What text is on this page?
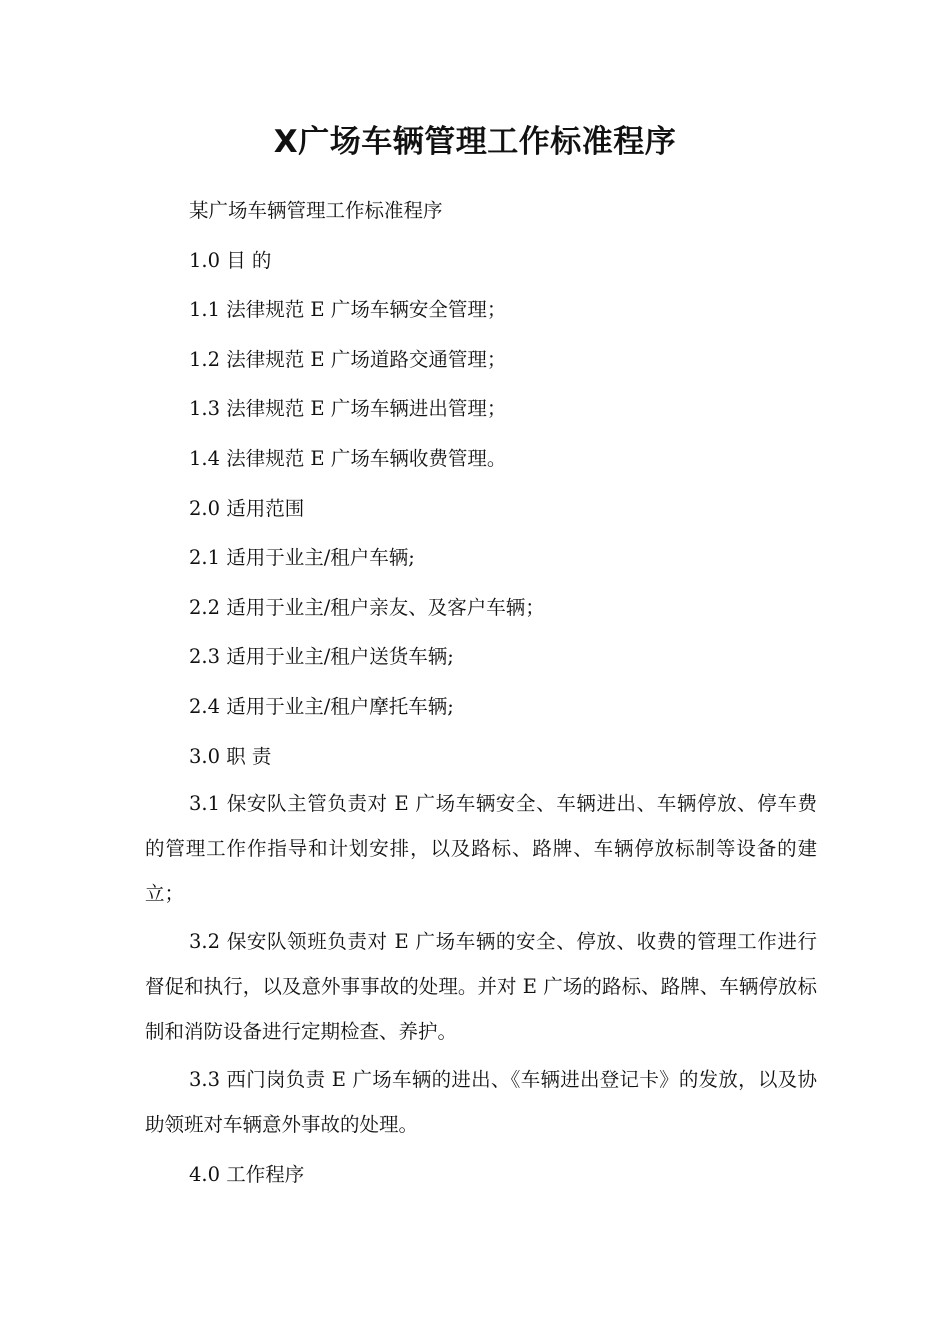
X广场车辆管理工作标准程序

某广场车辆管理工作标准程序

1.0 目 的

1.1 法律规范 E 广场车辆安全管理；

1.2 法律规范 E 广场道路交通管理；

1.3 法律规范 E 广场车辆进出管理；

1.4 法律规范 E 广场车辆收费管理。

2.0 适用范围

2.1 适用于业主/租户车辆;

2.2 适用于业主/租户亲友、及客户车辆；

2.3 适用于业主/租户送货车辆;

2.4 适用于业主/租户摩托车辆;

3.0 职 责

3.1 保安队主管负责对 E 广场车辆安全、车辆进出、车辆停放、停车费的管理工作作指导和计划安排，以及路标、路牌、车辆停放标制等设备的建立；

3.2 保安队领班负责对 E 广场车辆的安全、停放、收费的管理工作进行督促和执行，以及意外事事故的处理。并对 E 广场的路标、路牌、车辆停放标制和消防设备进行定期检查、养护。

3.3 西门岗负责 E 广场车辆的进出、《车辆进出登记卡》的发放，以及协助领班对车辆意外事故的处理。

4.0 工作程序
